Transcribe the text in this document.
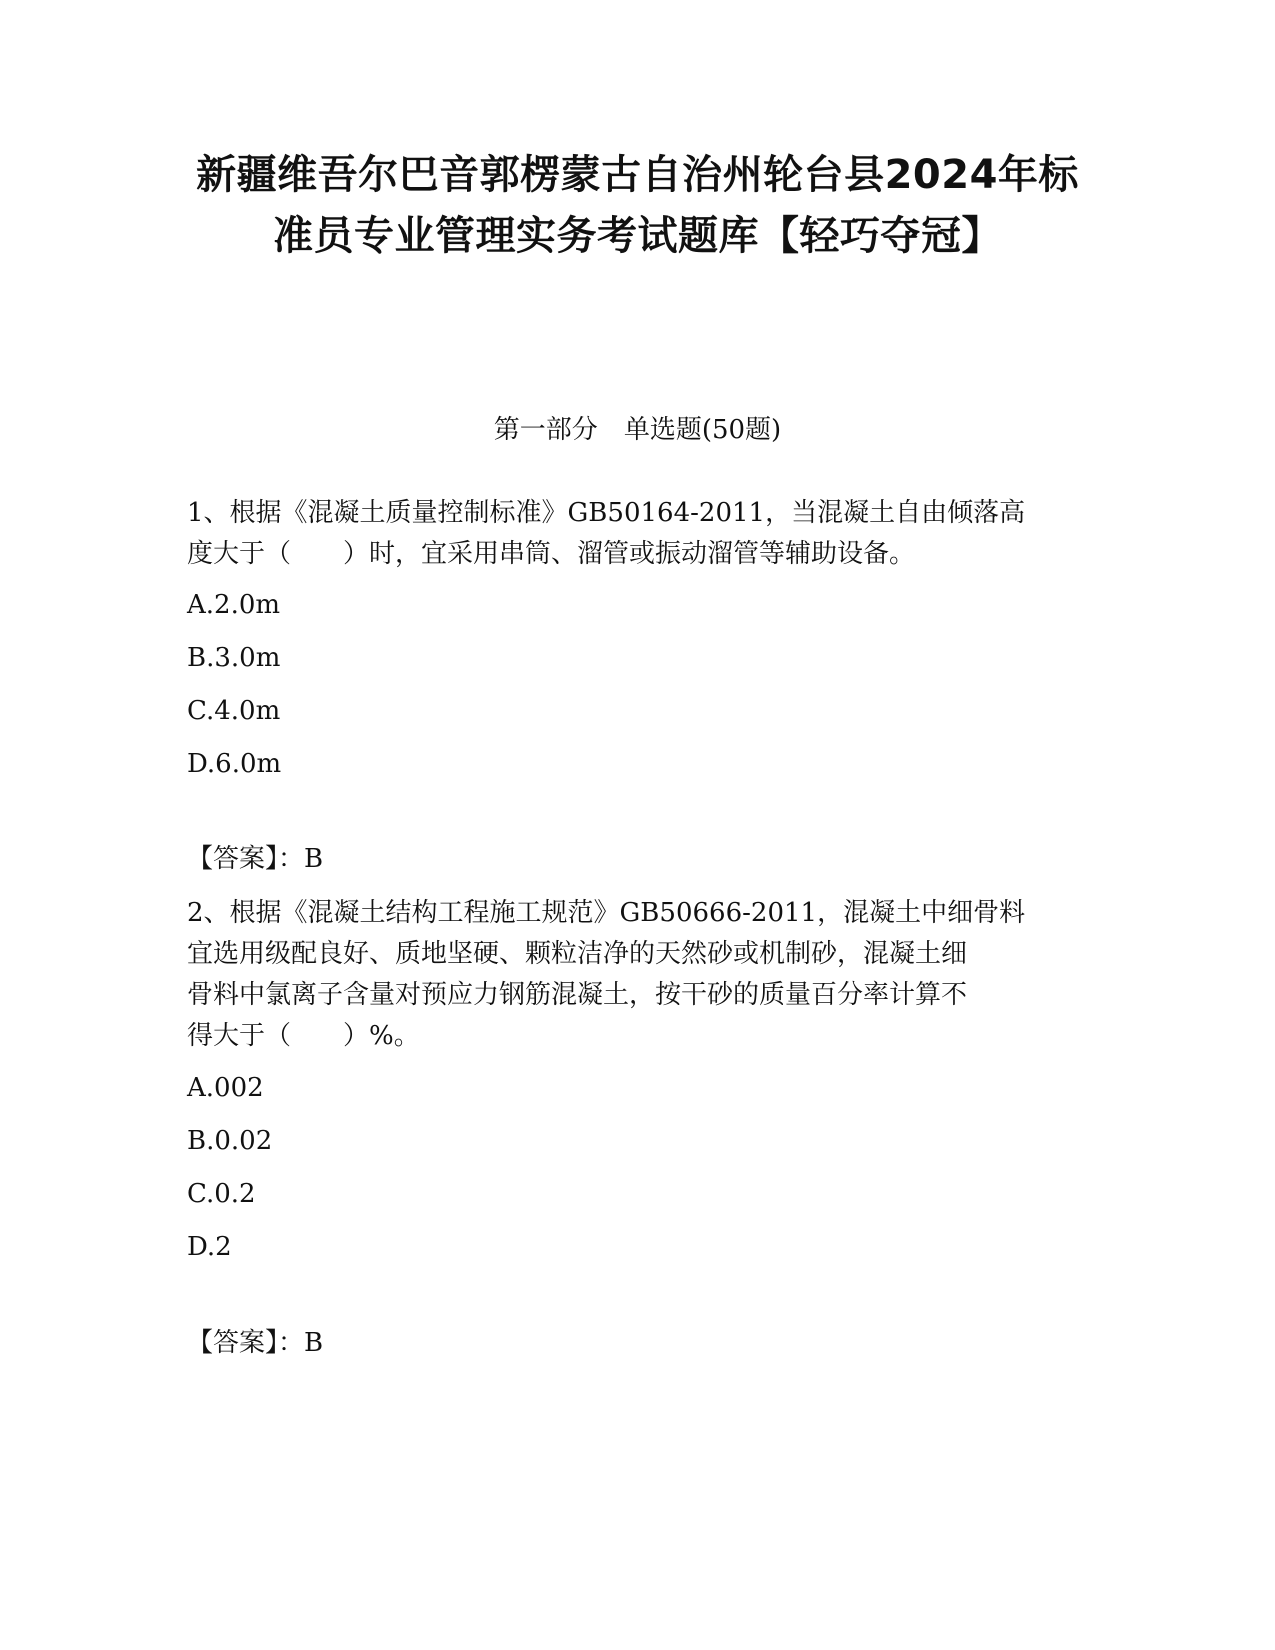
新疆维吾尔巴音郭楞蒙古自治州轮台县2024年标
准员专业管理实务考试题库【轻巧夺冠】
第一部分 单选题(50题)
1、根据《混凝土质量控制标准》GB50164-2011，当混凝土自由倾落高
度大于（　　）时，宜采用串筒、溜管或振动溜管等辅助设备。
A.2.0m
B.3.0m
C.4.0m
D.6.0m
【答案】：B
2、根据《混凝土结构工程施工规范》GB50666-2011，混凝土中细骨料
宜选用级配良好、质地坚硬、颗粒洁净的天然砂或机制砂，混凝土细
骨料中氯离子含量对预应力钢筋混凝土，按干砂的质量百分率计算不
得大于（　　）%。
A.002
B.0.02
C.0.2
D.2
【答案】：B
